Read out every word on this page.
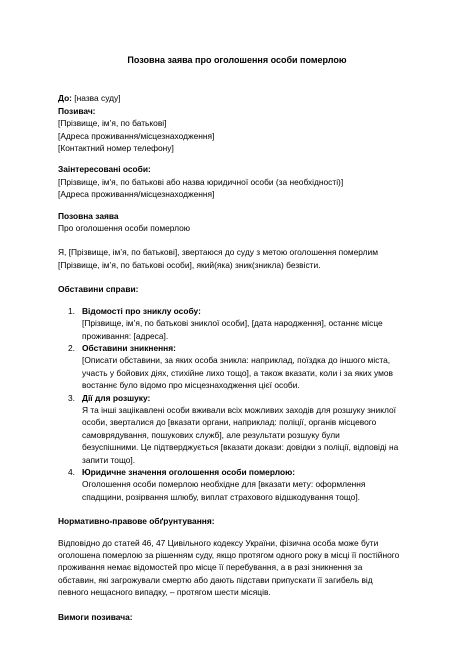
Позовна заява про оголошення особи померлою
До: [назва суду]
Позивач:
[Прізвище, ім’я, по батькові]
[Адреса проживання/місцезнаходження]
[Контактний номер телефону]
Заінтересовані особи:
[Прізвище, ім'я, по батькові або назва юридичної особи (за необхідності)]
[Адреса проживання/місцезнаходження]
Позовна заява
Про оголошення особи померлою
Я, [Прізвище, ім’я, по батькові], звертаюся до суду з метою оголошення померлим
[Прізвище, ім’я, по батькові особи], який(яка) зник(зникла) безвісти.
Обставини справи:
1. Відомості про зниклу особу:
[Прізвище, ім’я, по батькові зниклої особи], [дата народження], останнє місце
проживання: [адреса].
2. Обставини зникнення:
[Описати обставини, за яких особа зникла: наприклад, поїздка до іншого міста,
участь у бойових діях, стихійне лихо тощо], а також вказати, коли і за яких умов
востаннє було відомо про місцезнаходження цієї особи.
3. Дії для розшуку:
Я та інші заціікавлені особи вживали всіх можливих заходів для розшуку зниклої
особи, зверталися до [вказати органи, наприклад: поліції, органів місцевого
самоврядування, пошукових служб], але результати розшуку були
безуспішними. Це підтверджується [вказати докази: довідки з поліції, відповіді на
запити тощо].
4. Юридичне значення оголошення особи померлою:
Оголошення особи померлою необхідне для [вказати мету: оформлення
спадщини, розірвання шлюбу, виплат страхового відшкодування тощо].
Нормативно-правове обґрунтування:
Відповідно до статей 46, 47 Цивільного кодексу України, фізична особа може бути
оголошена померлою за рішенням суду, якщо протягом одного року в місці її постійного
проживання немає відомостей про місце її перебування, а в разі зникнення за
обставин, які загрожували смертю або дають підстави припускати її загибель від
певного нещасного випадку, – протягом шести місяців.
Вимоги позивача:
